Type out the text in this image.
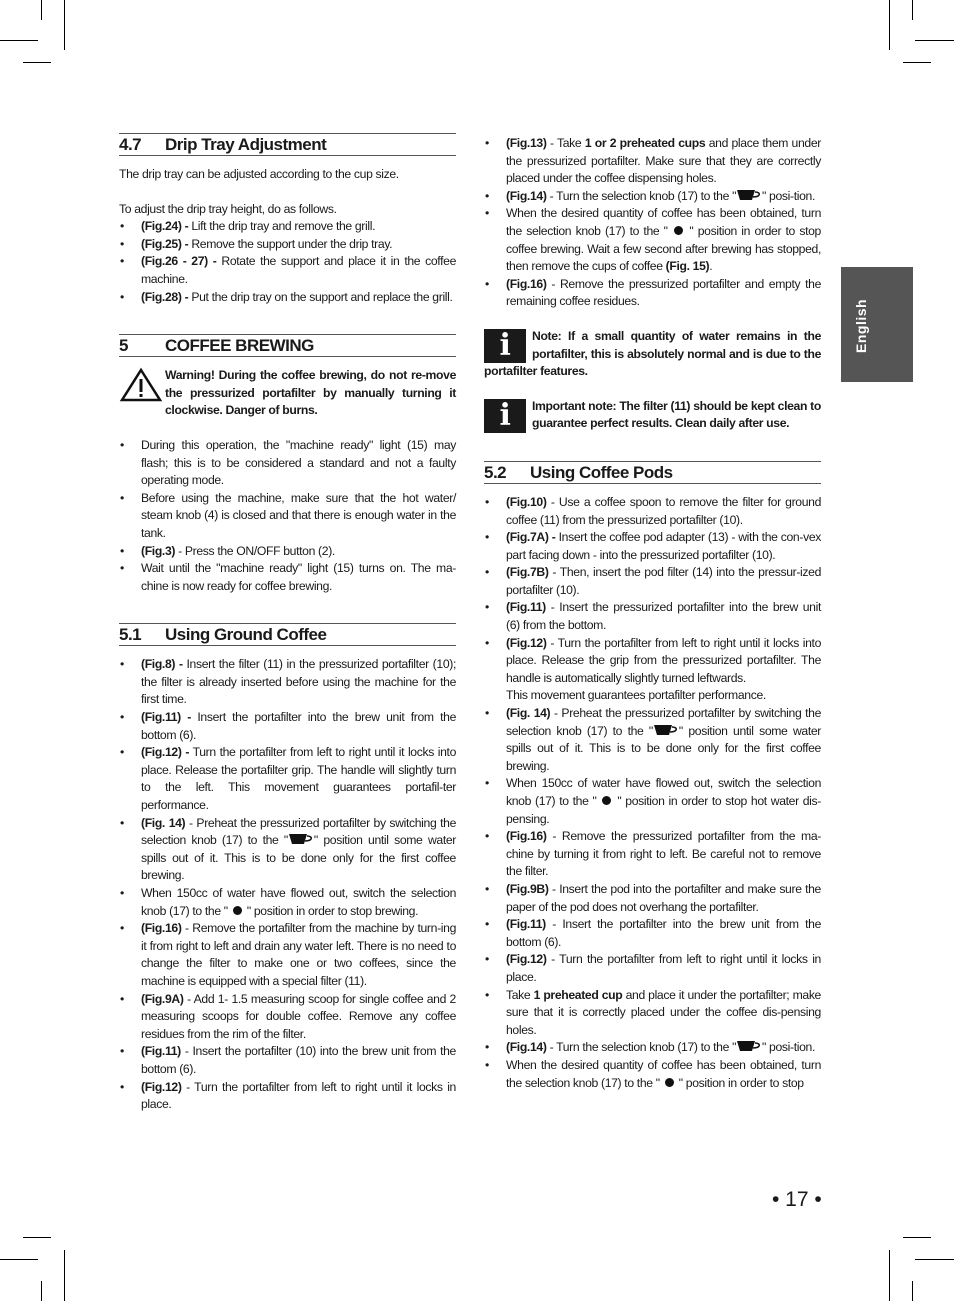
English
4.7	Drip Tray Adjustment

The drip tray can be adjusted according to the cup size.

To adjust the drip tray height, do as follows.

• (Fig.24) - Lift the drip tray and remove the grill.
• (Fig.25) - Remove the support under the drip tray.
• (Fig.26 - 27) - Rotate the support and place it in the coffee machine.
• (Fig.28) - Put the drip tray on the support and replace the grill.
5	COFFEE BREWING
Warning! During the coffee brewing, do not re-move the pressurized portafilter by manually turning it clockwise. Danger of burns.
• During this operation, the "machine ready" light (15) may flash; this is to be considered a standard and not a faulty operating mode.
• Before using the machine, make sure that the hot water/ steam knob (4) is closed and that there is enough water in the tank.
• (Fig.3) - Press the ON/OFF button (2).
• Wait until the "machine ready" light (15) turns on. The ma-chine is now ready for coffee brewing.
5.1	Using Ground Coffee
• (Fig.8) - Insert the filter (11) in the pressurized portafilter (10); the filter is already inserted before using the machine for the first time.
• (Fig.11) - Insert the portafilter into the brew unit from the bottom (6).
• (Fig.12) - Turn the portafilter from left to right until it locks into place. Release the portafilter grip. The handle will slightly turn to the left. This movement guarantees portafil-ter performance.
• (Fig. 14) - Preheat the pressurized portafilter by switching the selection knob (17) to the " " position until some water spills out of it. This is to be done only for the first coffee brewing.
• When 150cc of water have flowed out, switch the selection knob (17) to the "  " position in order to stop brewing.
• (Fig.16) - Remove the portafilter from the machine by turn-ing it from right to left and drain any water left. There is no need to change the filter to make one or two coffees, since the machine is equipped with a special filter (11).
• (Fig.9A) - Add 1- 1.5 measuring scoop for single coffee and 2 measuring scoops for double coffee. Remove any coffee residues from the rim of the filter.
• (Fig.11) - Insert the portafilter (10) into the brew unit from the bottom (6).
• (Fig.12) - Turn the portafilter from left to right until it locks in place.
• (Fig.13) - Take 1 or 2 preheated cups and place them under the pressurized portafilter. Make sure that they are correctly placed under the coffee dispensing holes.
• (Fig.14) - Turn the selection knob (17) to the " " posi-tion.
• When the desired quantity of coffee has been obtained, turn the selection knob (17) to the "  " position in order to stop coffee brewing. Wait a few second after brewing has stopped, then remove the cups of coffee (Fig. 15).
• (Fig.16) - Remove the pressurized portafilter and empty the remaining coffee residues.
i	Note: If a small quantity of water remains in the portafilter, this is absolutely normal and is due to the portafilter features.
i	Important note: The filter (11) should be kept clean to guarantee perfect results. Clean daily after use.
5.2	Using Coffee Pods
• (Fig.10) - Use a coffee spoon to remove the filter for ground coffee (11) from the pressurized portafilter (10).
• (Fig.7A) - Insert the coffee pod adapter (13) - with the con-vex part facing down - into the pressurized portafilter (10).
• (Fig.7B) - Then, insert the pod filter (14) into the pressur-ized portafilter (10).
• (Fig.11) - Insert the pressurized portafilter into the brew unit (6) from the bottom.
• (Fig.12) - Turn the portafilter from left to right until it locks into place. Release the grip from the pressurized portafilter. The handle is automatically slightly turned leftwards.
This movement guarantees portafilter performance.
• (Fig. 14) - Preheat the pressurized portafilter by switching the selection knob (17) to the " " position until some water spills out of it. This is to be done only for the first coffee brewing.
• When 150cc of water have flowed out, switch the selection knob (17) to the "  " position in order to stop hot water dis-pensing.
• (Fig.16) - Remove the pressurized portafilter from the ma-chine by turning it from right to left. Be careful not to remove the filter.
• (Fig.9B) - Insert the pod into the portafilter and make sure the paper of the pod does not overhang the portafilter.
• (Fig.11) - Insert the portafilter into the brew unit from the bottom (6).
• (Fig.12) - Turn the portafilter from left to right until it locks in place.
• Take 1 preheated cup and place it under the portafilter; make sure that it is correctly placed under the coffee dis-pensing holes.
• (Fig.14) - Turn the selection knob (17) to the " " posi-tion.
• When the desired quantity of coffee has been obtained, turn the selection knob (17) to the "  " position in order to stop
• 17 •
